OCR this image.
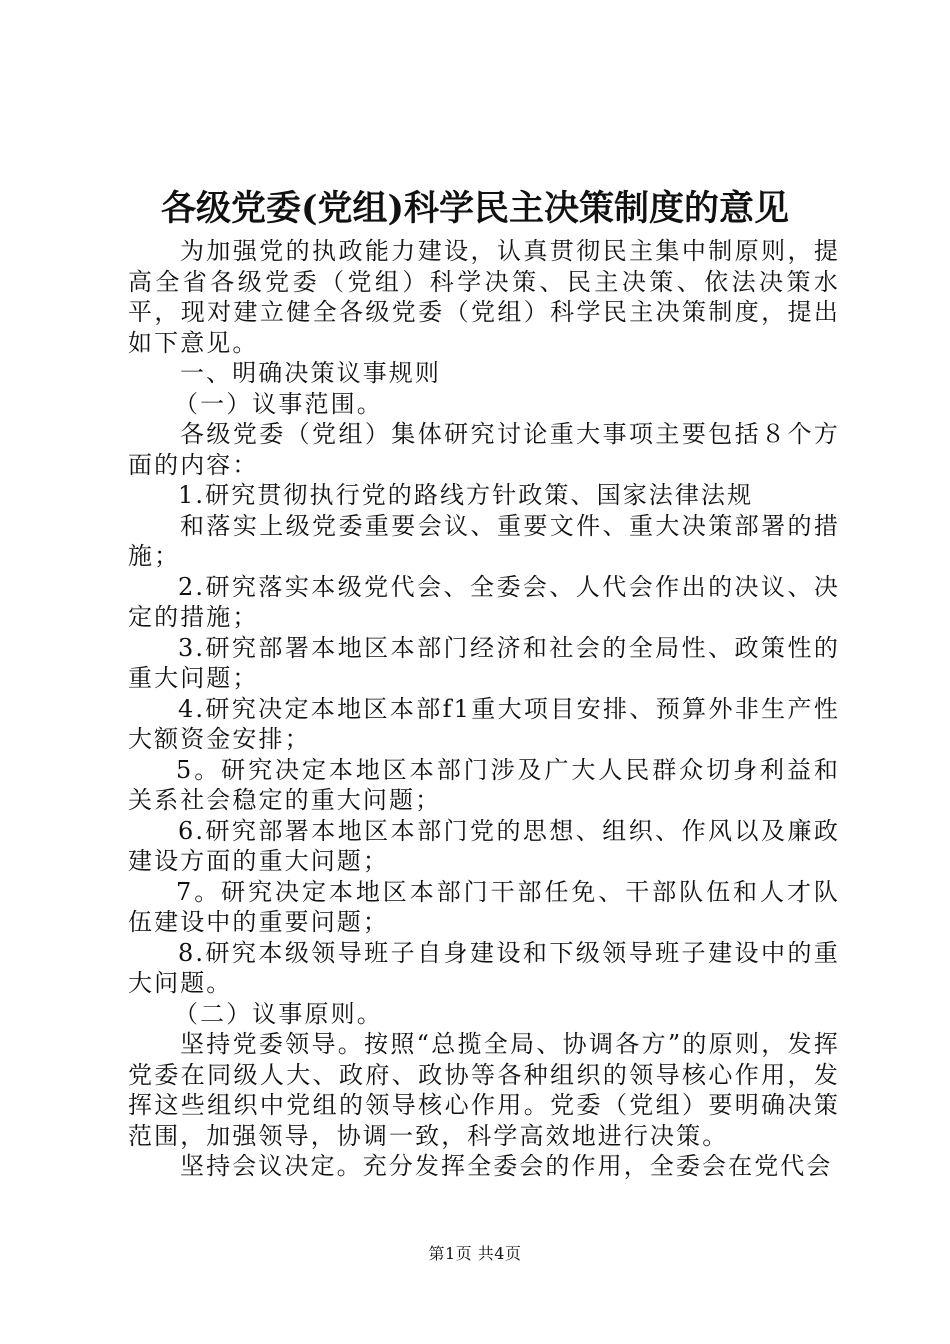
各级党委(党组)科学民主决策制度的意见

为加强党的执政能力建设，认真贯彻民主集中制原则，提高全省各级党委（党组）科学决策、民主决策、依法决策水平，现对建立健全各级党委（党组）科学民主决策制度，提出如下意见。

一、明确决策议事规则

（一）议事范围。

各级党委（党组）集体研究讨论重大事项主要包括８个方面的内容：

1.研究贯彻执行党的路线方针政策、国家法律法规

和落实上级党委重要会议、重要文件、重大决策部署的措施；

2.研究落实本级党代会、全委会、人代会作出的决议、决定的措施；

3.研究部署本地区本部门经济和社会的全局性、政策性的重大问题；

4.研究决定本地区本部f1重大项目安排、预算外非生产性大额资金安排；

5。研究决定本地区本部门涉及广大人民群众切身利益和关系社会稳定的重大问题；

6.研究部署本地区本部门党的思想、组织、作风以及廉政建设方面的重大问题；

7。研究决定本地区本部门干部任免、干部队伍和人才队伍建设中的重要问题；

8.研究本级领导班子自身建设和下级领导班子建设中的重大问题。

（二）议事原则。

坚持党委领导。按照“总揽全局、协调各方”的原则，发挥党委在同级人大、政府、政协等各种组织的领导核心作用，发挥这些组织中党组的领导核心作用。党委（党组）要明确决策范围，加强领导，协调一致，科学高效地进行决策。

坚持会议决定。充分发挥全委会的作用，全委会在党代会

第1页 共4页
